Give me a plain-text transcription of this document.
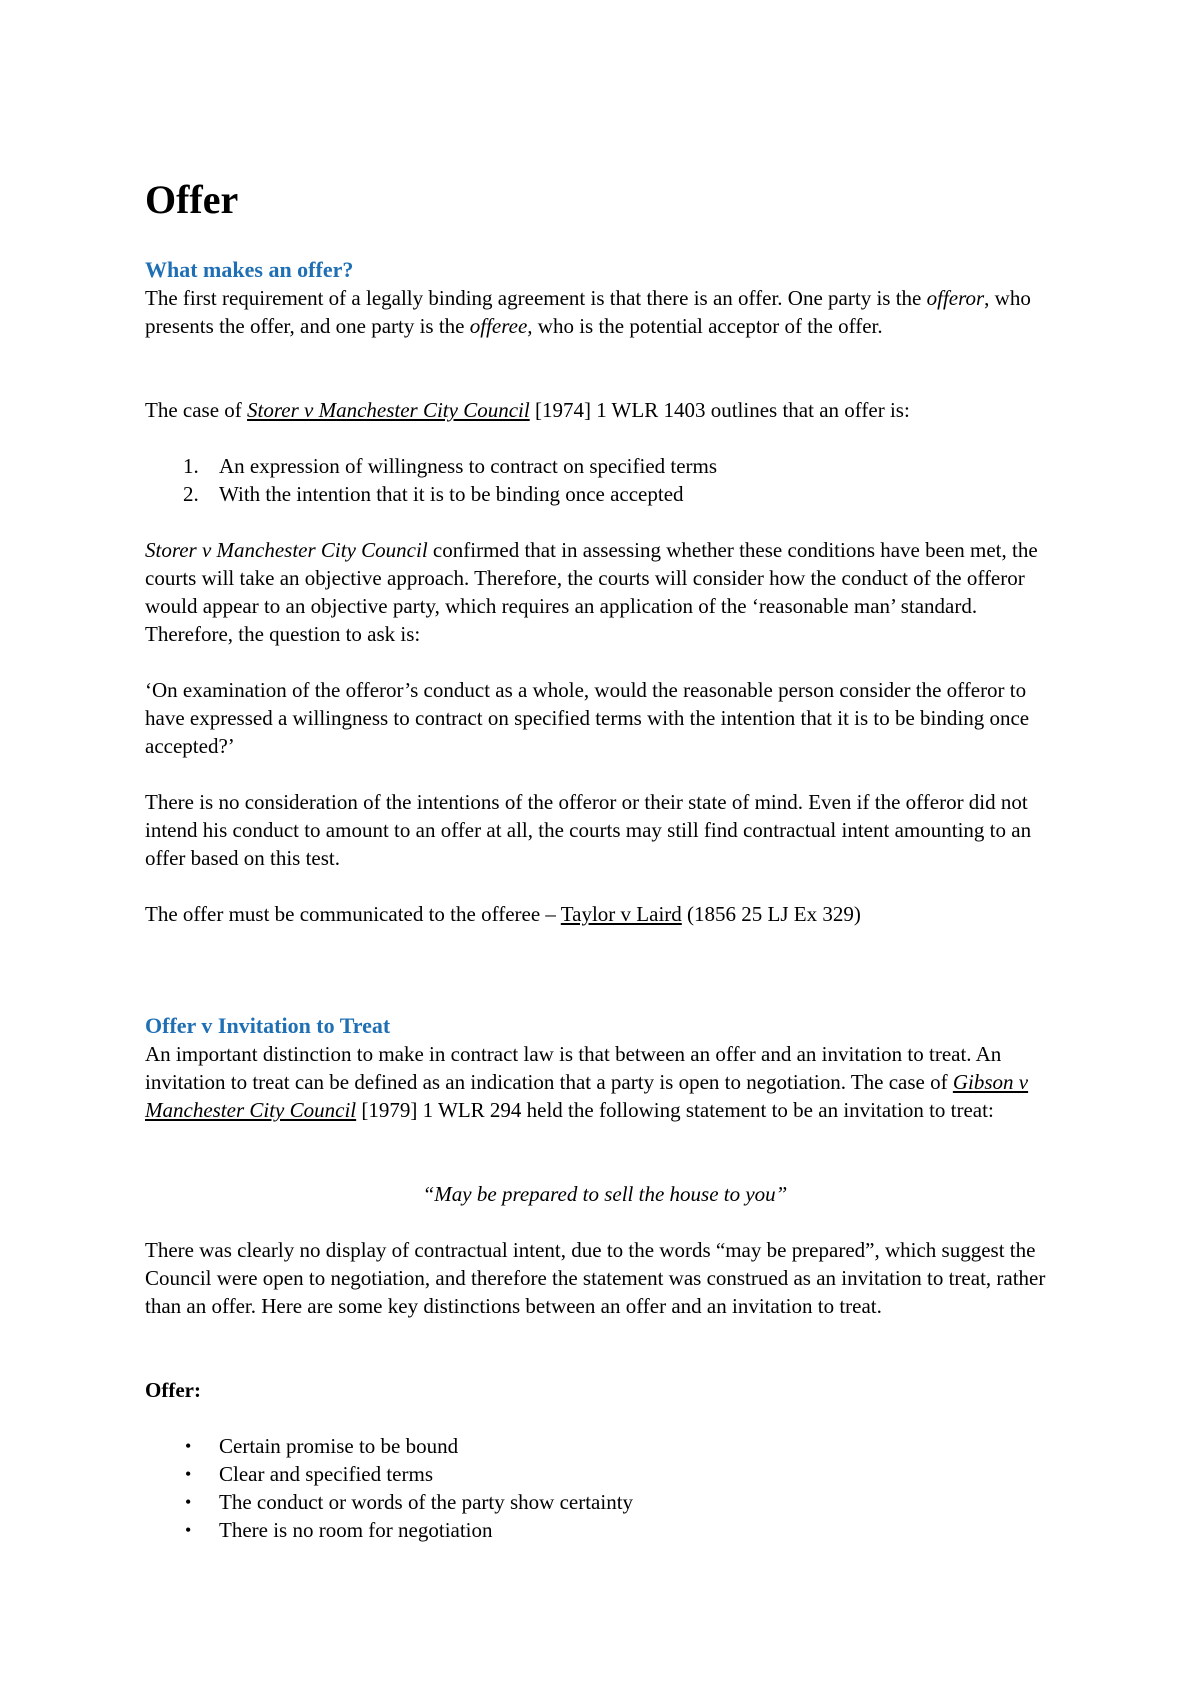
Offer
What makes an offer?

The first requirement of a legally binding agreement is that there is an offer. One party is the offeror, who presents the offer, and one party is the offeree, who is the potential acceptor of the offer.

The case of Storer v Manchester City Council [1974] 1 WLR 1403 outlines that an offer is:

1. An expression of willingness to contract on specified terms
2. With the intention that it is to be binding once accepted

Storer v Manchester City Council confirmed that in assessing whether these conditions have been met, the courts will take an objective approach. Therefore, the courts will consider how the conduct of the offeror would appear to an objective party, which requires an application of the ‘reasonable man’ standard. Therefore, the question to ask is:

‘On examination of the offeror’s conduct as a whole, would the reasonable person consider the offeror to have expressed a willingness to contract on specified terms with the intention that it is to be binding once accepted?’

There is no consideration of the intentions of the offeror or their state of mind. Even if the offeror did not intend his conduct to amount to an offer at all, the courts may still find contractual intent amounting to an offer based on this test.

The offer must be communicated to the offeree – Taylor v Laird (1856 25 LJ Ex 329)

Offer v Invitation to Treat

An important distinction to make in contract law is that between an offer and an invitation to treat. An invitation to treat can be defined as an indication that a party is open to negotiation. The case of Gibson v Manchester City Council [1979] 1 WLR 294 held the following statement to be an invitation to treat:

“May be prepared to sell the house to you”

There was clearly no display of contractual intent, due to the words “may be prepared”, which suggest the Council were open to negotiation, and therefore the statement was construed as an invitation to treat, rather than an offer. Here are some key distinctions between an offer and an invitation to treat.

Offer:

• Certain promise to be bound
• Clear and specified terms
• The conduct or words of the party show certainty
• There is no room for negotiation
